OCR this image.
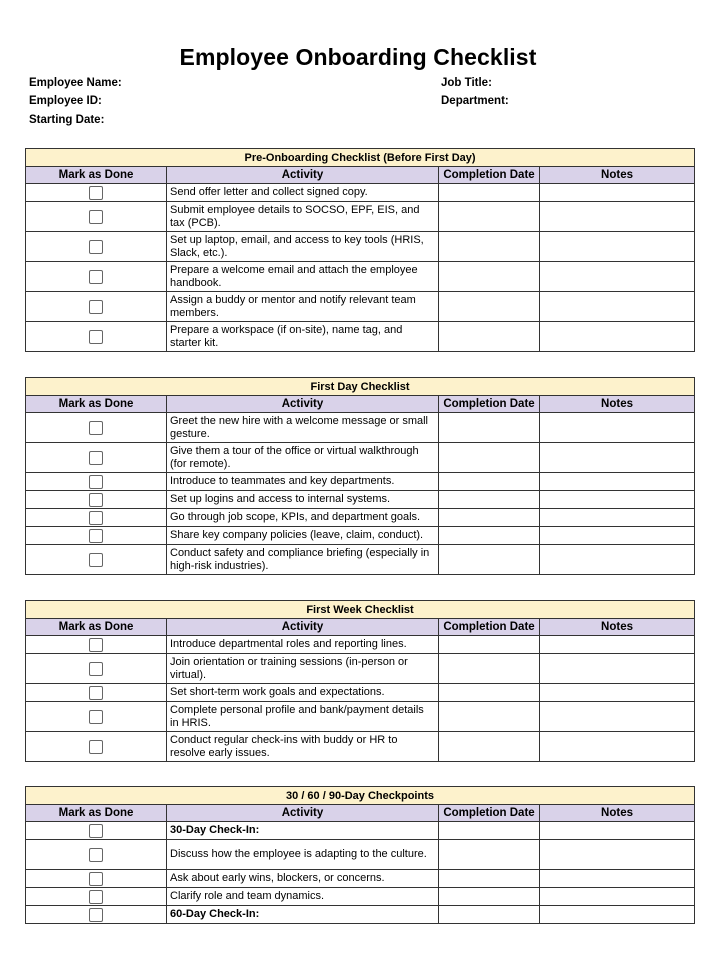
Employee Onboarding Checklist
Employee Name:	Job Title:
Employee ID:	Department:
Starting Date:
Pre-Onboarding Checklist (Before First Day)			
Mark as Done	Activity	Completion Date	Notes
	Send offer letter and collect signed copy.		
	Submit employee details to SOCSO, EPF, EIS, and tax (PCB).		
	Set up laptop, email, and access to key tools (HRIS, Slack, etc.).		
	Prepare a welcome email and attach the employee handbook.		
	Assign a buddy or mentor and notify relevant team members.		
	Prepare a workspace (if on-site), name tag, and starter kit.		
First Day Checklist			
Mark as Done	Activity	Completion Date	Notes
	Greet the new hire with a welcome message or small gesture.		
	Give them a tour of the office or virtual walkthrough (for remote).		
	Introduce to teammates and key departments.		
	Set up logins and access to internal systems.		
	Go through job scope, KPIs, and department goals.		
	Share key company policies (leave, claim, conduct).		
	Conduct safety and compliance briefing (especially in high-risk industries).		
First Week Checklist			
Mark as Done	Activity	Completion Date	Notes
	Introduce departmental roles and reporting lines.		
	Join orientation or training sessions (in-person or virtual).		
	Set short-term work goals and expectations.		
	Complete personal profile and bank/payment details in HRIS.		
	Conduct regular check-ins with buddy or HR to resolve early issues.		
30 / 60 / 90-Day Checkpoints			
Mark as Done	Activity	Completion Date	Notes
	30-Day Check-In:		
	Discuss how the employee is adapting to the culture.		
	Ask about early wins, blockers, or concerns.		
	Clarify role and team dynamics.		
	60-Day Check-In:		
